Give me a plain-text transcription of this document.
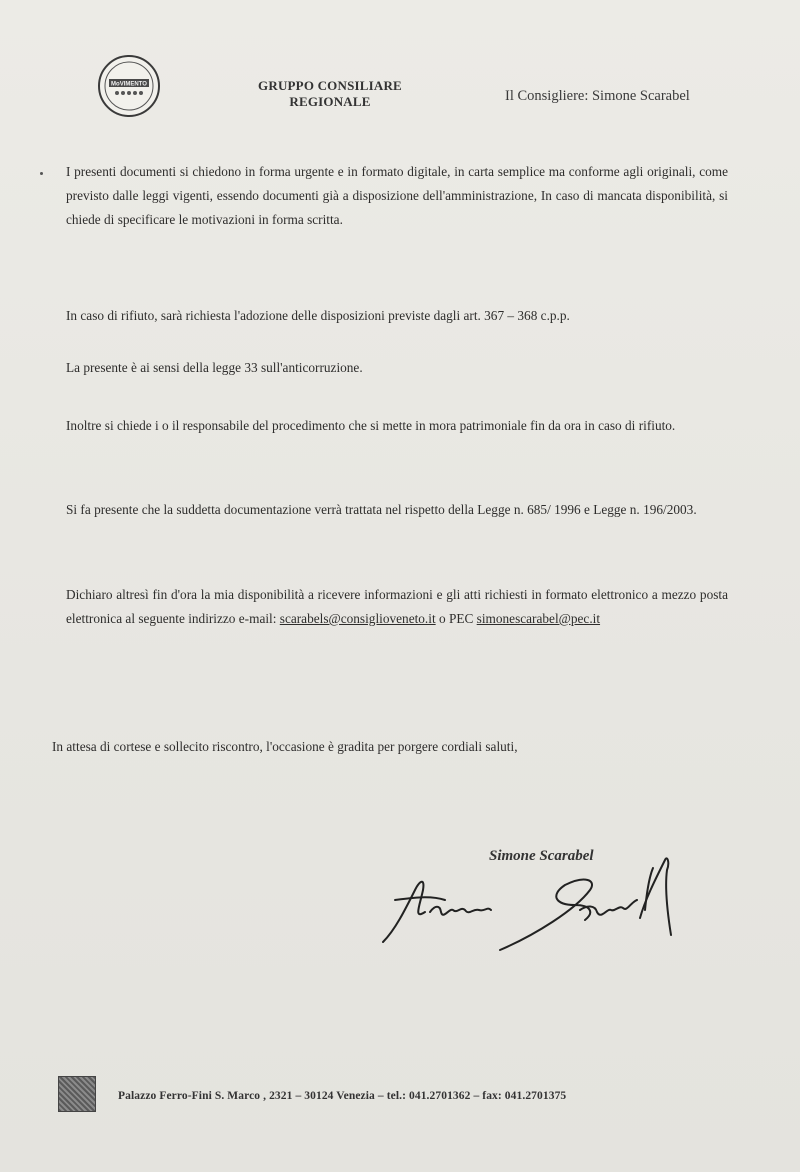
MoVIMENTO	GRUPPO CONSILIARE
REGIONALE	Il Consigliere: Simone Scarabel

I presenti documenti si chiedono in forma urgente e in formato digitale, in carta semplice ma conforme agli originali, come previsto dalle leggi vigenti, essendo documenti già a disposizione dell'amministrazione, In caso di mancata disponibilità, si chiede di specificare le motivazioni in forma scritta.

In caso di rifiuto, sarà richiesta l'adozione delle disposizioni previste dagli art. 367 – 368 c.p.p.

La presente è ai sensi della legge 33 sull'anticorruzione.

Inoltre si chiede i o il responsabile del procedimento che si mette in mora patrimoniale fin da ora in caso di rifiuto.

Si fa presente che la suddetta documentazione verrà trattata nel rispetto della Legge n. 685/ 1996 e Legge n. 196/2003.

Dichiaro altresì fin d'ora la mia disponibilità a ricevere informazioni e gli atti richiesti in formato elettronico a mezzo posta elettronica al seguente indirizzo e-mail: scarabels@consiglioveneto.it o PEC simonescarabel@pec.it

In attesa di cortese e sollecito riscontro, l'occasione è gradita per porgere cordiali saluti,

Simone Scarabel
Palazzo Ferro-Fini S. Marco , 2321 – 30124 Venezia – tel.: 041.2701362 – fax: 041.2701375
